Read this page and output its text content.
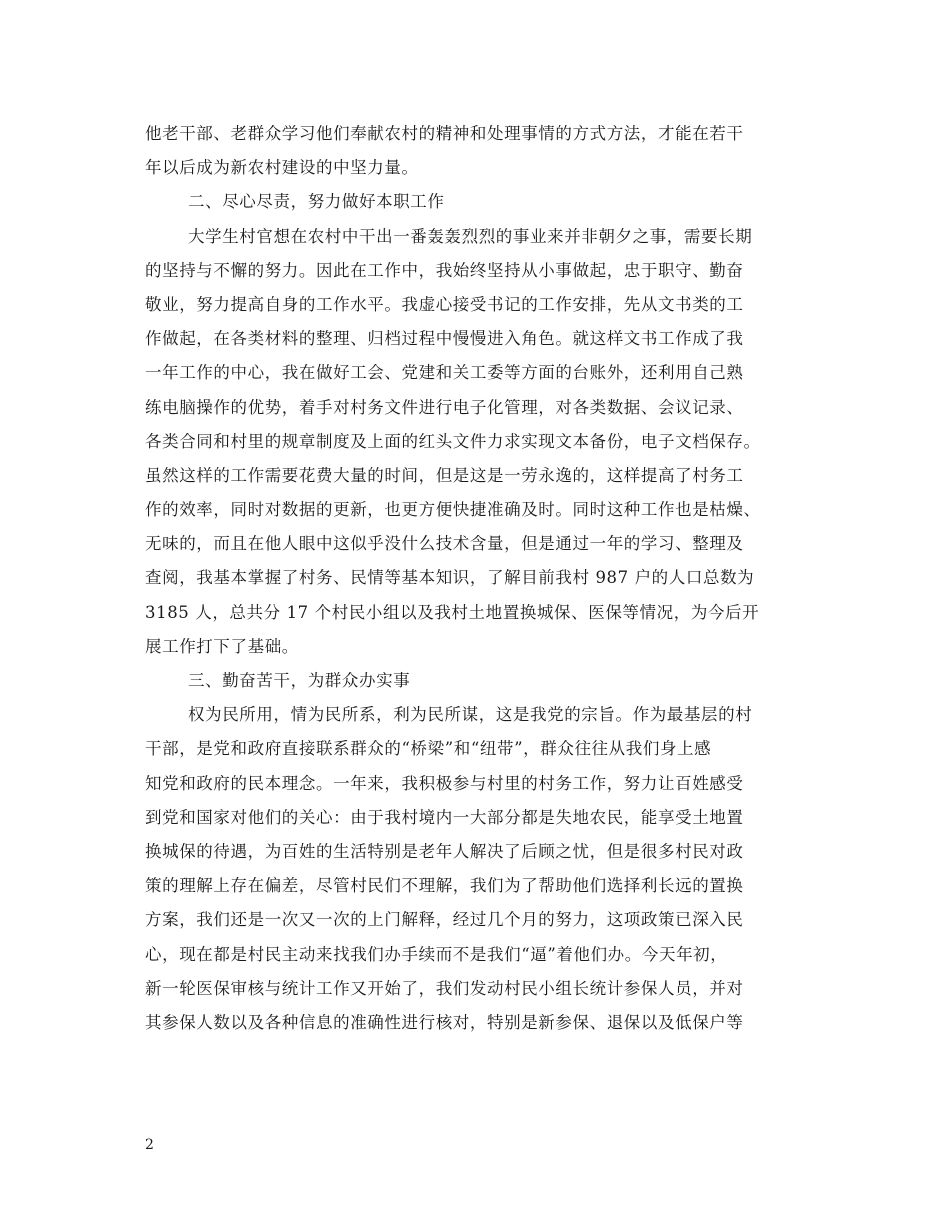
他老干部、老群众学习他们奉献农村的精神和处理事情的方式方法，才能在若干
年以后成为新农村建设的中坚力量。
二、尽心尽责，努力做好本职工作
大学生村官想在农村中干出一番轰轰烈烈的事业来并非朝夕之事，需要长期
的坚持与不懈的努力。因此在工作中，我始终坚持从小事做起，忠于职守、勤奋
敬业，努力提高自身的工作水平。我虚心接受书记的工作安排，先从文书类的工
作做起，在各类材料的整理、归档过程中慢慢进入角色。就这样文书工作成了我
一年工作的中心，我在做好工会、党建和关工委等方面的台账外，还利用自己熟
练电脑操作的优势，着手对村务文件进行电子化管理，对各类数据、会议记录、
各类合同和村里的规章制度及上面的红头文件力求实现文本备份，电子文档保存。
虽然这样的工作需要花费大量的时间，但是这是一劳永逸的，这样提高了村务工
作的效率，同时对数据的更新，也更方便快捷准确及时。同时这种工作也是枯燥、
无味的，而且在他人眼中这似乎没什么技术含量，但是通过一年的学习、整理及
查阅，我基本掌握了村务、民情等基本知识，了解目前我村 987 户的人口总数为
3185 人，总共分 17 个村民小组以及我村土地置换城保、医保等情况，为今后开
展工作打下了基础。
三、勤奋苦干，为群众办实事
权为民所用，情为民所系，利为民所谋，这是我党的宗旨。作为最基层的村
干部，是党和政府直接联系群众的“桥梁”和“纽带”，群众往往从我们身上感
知党和政府的民本理念。一年来，我积极参与村里的村务工作，努力让百姓感受
到党和国家对他们的关心：由于我村境内一大部分都是失地农民，能享受土地置
换城保的待遇，为百姓的生活特别是老年人解决了后顾之忧，但是很多村民对政
策的理解上存在偏差，尽管村民们不理解，我们为了帮助他们选择利长远的置换
方案，我们还是一次又一次的上门解释，经过几个月的努力，这项政策已深入民
心，现在都是村民主动来找我们办手续而不是我们“逼”着他们办。今天年初，
新一轮医保审核与统计工作又开始了，我们发动村民小组长统计参保人员，并对
其参保人数以及各种信息的准确性进行核对，特别是新参保、退保以及低保户等
2
